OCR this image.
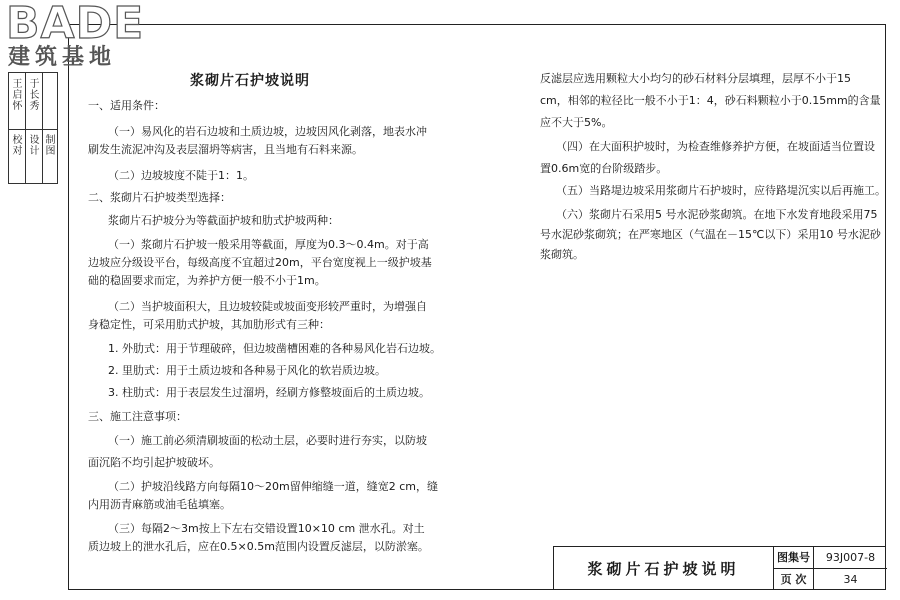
BADE
建筑基地
王启怀
于长秀
校对
设计
制图
浆砌片石护坡说明
一、适用条件：
（一）易风化的岩石边坡和土质边坡，边坡因风化剥落，地表水冲
刷发生流泥冲沟及表层溜坍等病害，且当地有石料来源。
（二）边坡坡度不陡于1：1。
二、浆砌片石护坡类型选择：
浆砌片石护坡分为等截面护坡和肋式护坡两种：
（一）浆砌片石护坡一般采用等截面，厚度为0.3～0.4m。对于高
边坡应分级设平台，每级高度不宜超过20m，平台宽度视上一级护坡基
础的稳固要求而定，为养护方便一般不小于1m。
（二）当护坡面积大，且边坡较陡或坡面变形较严重时，为增强自
身稳定性，可采用肋式护坡，其加肋形式有三种：
1. 外肋式：用于节理破碎，但边坡凿槽困难的各种易风化岩石边坡。
2. 里肋式：用于土质边坡和各种易于风化的软岩质边坡。
3. 柱肋式：用于表层发生过溜坍，经刷方修整坡面后的土质边坡。
三、施工注意事项：
（一）施工前必须清刷坡面的松动土层，必要时进行夯实，以防坡
面沉陷不均引起护坡破坏。
（二）护坡沿线路方向每隔10～20m留伸缩缝一道，缝宽2 cm，缝
内用沥青麻筋或油毛毡填塞。
（三）每隔2～3m按上下左右交错设置10×10 cm 泄水孔。对土
质边坡上的泄水孔后，应在0.5×0.5m范围内设置反滤层，以防淤塞。
反滤层应选用颗粒大小均匀的砂石材料分层填理，层厚不小于15
cm，相邻的粒径比一般不小于1：4，砂石料颗粒小于0.15mm的含量
应不大于5%。
（四）在大面积护坡时，为检查维修养护方便，在坡面适当位置设
置0.6m宽的台阶级踏步。
（五）当路堤边坡采用浆砌片石护坡时，应待路堤沉实以后再施工。
（六）浆砌片石采用5 号水泥砂浆砌筑。在地下水发育地段采用75
号水泥砂浆砌筑；在严寒地区（气温在－15℃以下）采用10 号水泥砂
浆砌筑。
浆砌片石护坡说明
图集号	93J007-8
页 次	34
